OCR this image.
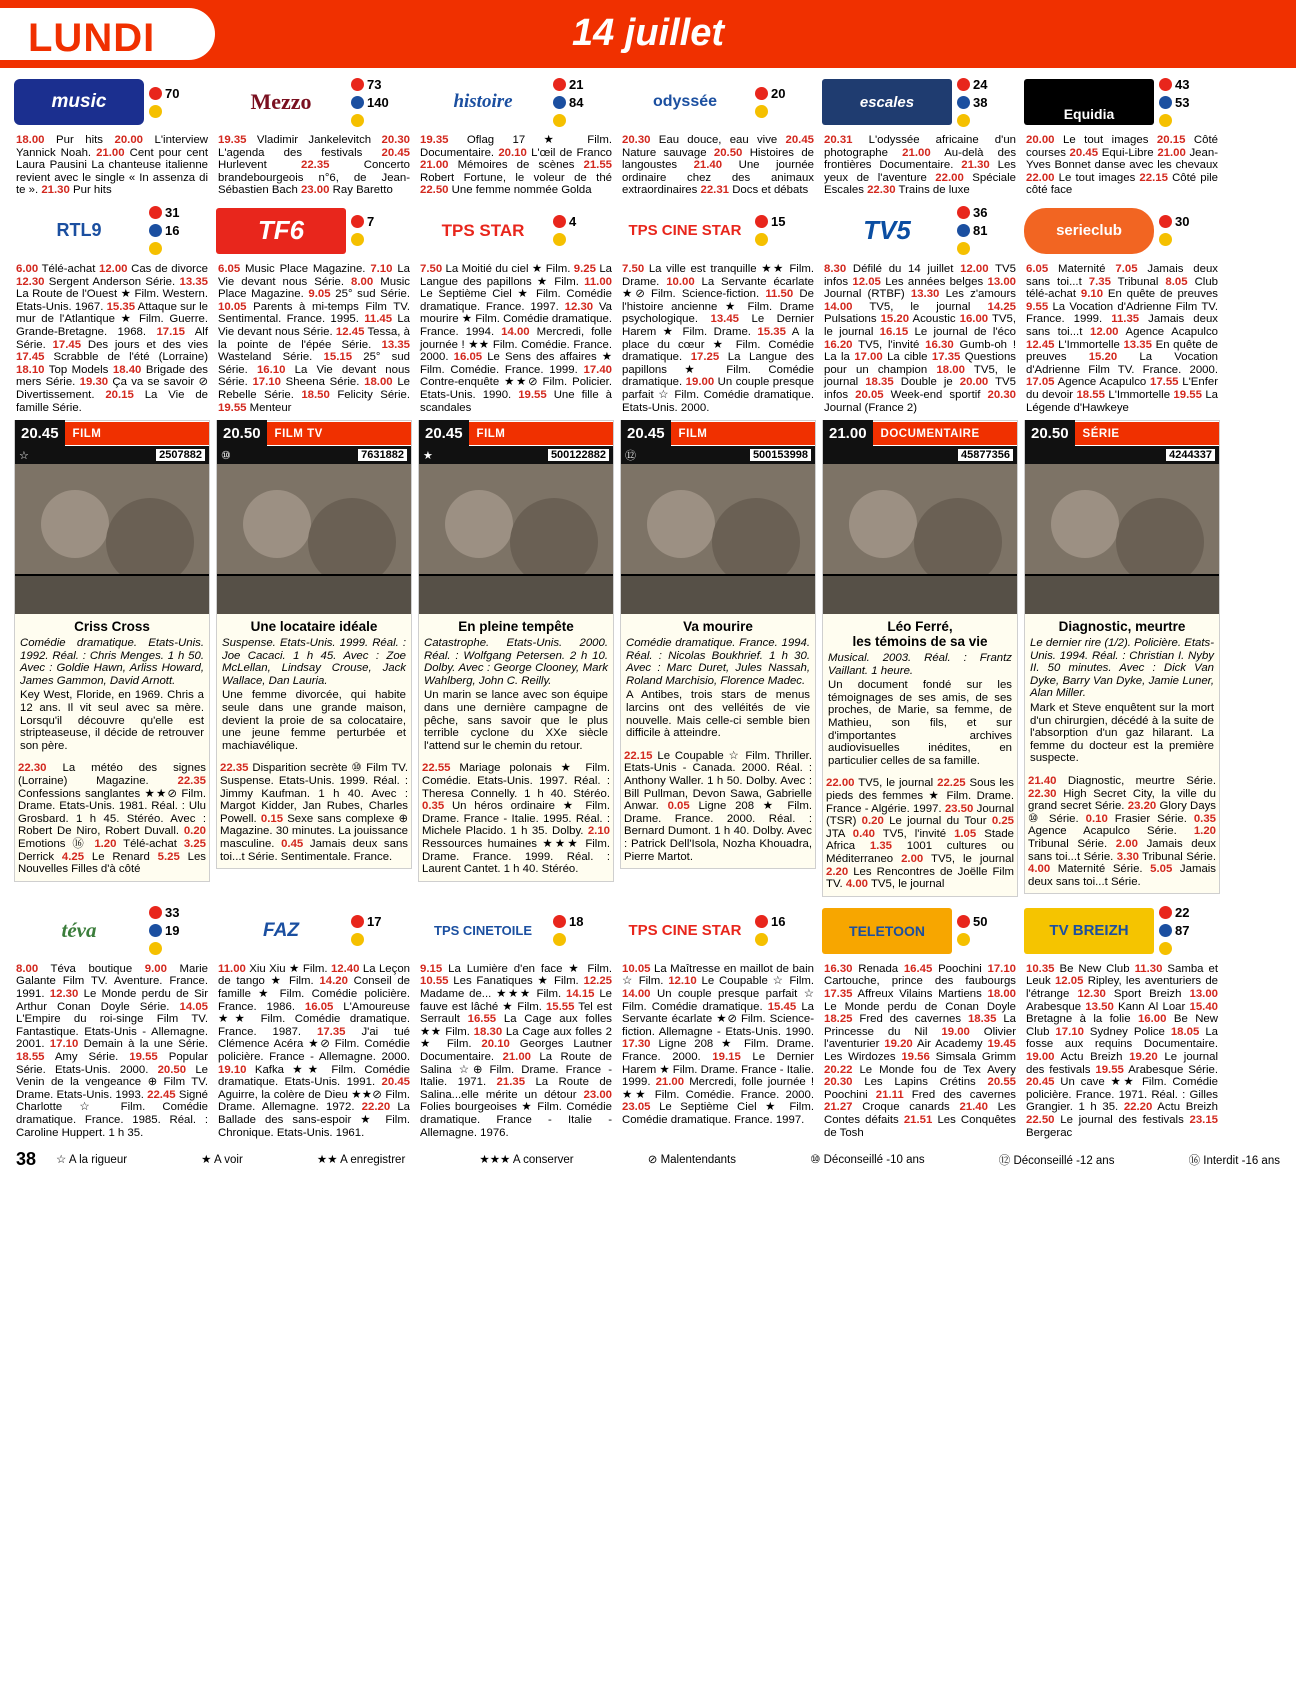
LUNDI	14 juillet
music	70
18.00 Pur hits 20.00 L'interview Yannick Noah. 21.00 Cent pour cent Laura Pausini La chanteuse italienne revient avec le single « In assenza di te ». 21.30 Pur hits
Mezzo
73
140
19.35 Vladimir Jankelevitch 20.30 L'agenda des festivals 20.45 Hurlevent 22.35 Concerto brandebourgeois n°6, de Jean-Sébastien Bach 23.00 Ray Baretto
histoire
21
84
19.35 Oflag 17 ★ Film. Documentaire. 20.10 L'œil de Franco 21.00 Mémoires de scènes 21.55 Robert Fortune, le voleur de thé 22.50 Une femme nommée Golda
odyssée	20
20.30 Eau douce, eau vive 20.45 Nature sauvage 20.50 Histoires de langoustes 21.40 Une journée ordinaire chez des animaux extraordinaires 22.31 Docs et débats
escales
24
38
20.31 L'odyssée africaine d'un photographe 21.00 Au-delà des frontières Documentaire. 21.30 Les yeux de l'aventure 22.00 Spéciale Escales 22.30 Trains de luxe
Equidia
43
53
20.00 Le tout images 20.15 Côté courses 20.45 Equi-Libre 21.00 Jean-Yves Bonnet danse avec les chevaux 22.00 Le tout images 22.15 Côté pile côté face
RTL9
31
16
6.00 Télé-achat 12.00 Cas de divorce 12.30 Sergent Anderson Série. 13.35 La Route de l'Ouest ★ Film. Western. Etats-Unis. 1967. 15.35 Attaque sur le mur de l'Atlantique ★ Film. Guerre. Grande-Bretagne. 1968. 17.15 Alf Série. 17.45 Des jours et des vies 17.45 Scrabble de l'été (Lorraine) 18.10 Top Models 18.40 Brigade des mers Série. 19.30 Ça va se savoir ⊘ Divertissement. 20.15 La Vie de famille Série.
20.45	FILM
☆	2507882
Criss Cross
Comédie dramatique. Etats-Unis. 1992. Réal. : Chris Menges. 1 h 50. Avec : Goldie Hawn, Arliss Howard, James Gammon, David Arnott.
Key West, Floride, en 1969. Chris a 12 ans. Il vit seul avec sa mère. Lorsqu'il découvre qu'elle est stripteaseuse, il décide de retrouver son père.
22.30 La météo des signes (Lorraine) Magazine. 22.35 Confessions sanglantes ★★⊘ Film. Drame. Etats-Unis. 1981. Réal. : Ulu Grosbard. 1 h 45. Stéréo. Avec : Robert De Niro, Robert Duvall. 0.20 Emotions ⑯ 1.20 Télé-achat 3.25 Derrick 4.25 Le Renard 5.25 Les Nouvelles Filles d'à côté
TF6	7
6.05 Music Place Magazine. 7.10 La Vie devant nous Série. 8.00 Music Place Magazine. 9.05 25° sud Série. 10.05 Parents à mi-temps Film TV. Sentimental. France. 1995. 11.45 La Vie devant nous Série. 12.45 Tessa, à la pointe de l'épée Série. 13.35 Wasteland Série. 15.15 25° sud Série. 16.10 La Vie devant nous Série. 17.10 Sheena Série. 18.00 Le Rebelle Série. 18.50 Felicity Série. 19.55 Menteur
20.50	FILM TV
⑩	7631882
Une locataire idéale
Suspense. Etats-Unis. 1999. Réal. : Joe Cacaci. 1 h 45. Avec : Zoe McLellan, Lindsay Crouse, Jack Wallace, Dan Lauria.
Une femme divorcée, qui habite seule dans une grande maison, devient la proie de sa colocataire, une jeune femme perturbée et machiavélique.
22.35 Disparition secrète ⑩ Film TV. Suspense. Etats-Unis. 1999. Réal. : Jimmy Kaufman. 1 h 40. Avec : Margot Kidder, Jan Rubes, Charles Powell. 0.15 Sexe sans complexe ⊕ Magazine. 30 minutes. La jouissance masculine. 0.45 Jamais deux sans toi...t Série. Sentimentale. France.
TPS STAR	4
7.50 La Moitié du ciel ★ Film. 9.25 La Langue des papillons ★ Film. 11.00 Le Septième Ciel ★ Film. Comédie dramatique. France. 1997. 12.30 Va mourire ★ Film. Comédie dramatique. France. 1994. 14.00 Mercredi, folle journée ! ★★ Film. Comédie. France. 2000. 16.05 Le Sens des affaires ★ Film. Comédie. France. 1999. 17.40 Contre-enquête ★★⊘ Film. Policier. Etats-Unis. 1990. 19.55 Une fille à scandales
20.45	FILM
★	500122882
En pleine tempête
Catastrophe. Etats-Unis. 2000. Réal. : Wolfgang Petersen. 2 h 10. Dolby. Avec : George Clooney, Mark Wahlberg, John C. Reilly.
Un marin se lance avec son équipe dans une dernière campagne de pêche, sans savoir que le plus terrible cyclone du XXe siècle l'attend sur le chemin du retour.
22.55 Mariage polonais ★ Film. Comédie. Etats-Unis. 1997. Réal. : Theresa Connelly. 1 h 40. Stéréo. 0.35 Un héros ordinaire ★ Film. Drame. France - Italie. 1995. Réal. : Michele Placido. 1 h 35. Dolby. 2.10 Ressources humaines ★★★ Film. Drame. France. 1999. Réal. : Laurent Cantet. 1 h 40. Stéréo.
TPS CINE STAR
15
7.50 La ville est tranquille ★★ Film. Drame. 10.00 La Servante écarlate ★⊘ Film. Science-fiction. 11.50 De l'histoire ancienne ★ Film. Drame psychologique. 13.45 Le Dernier Harem ★ Film. Drame. 15.35 A la place du cœur ★ Film. Comédie dramatique. 17.25 La Langue des papillons ★ Film. Comédie dramatique. 19.00 Un couple presque parfait ☆ Film. Comédie dramatique. Etats-Unis. 2000.
20.45	FILM
⑫	500153998
Va mourire
Comédie dramatique. France. 1994. Réal. : Nicolas Boukhrief. 1 h 30. Avec : Marc Duret, Jules Nassah, Roland Marchisio, Florence Madec.
A Antibes, trois stars de menus larcins ont des velléités de vie nouvelle. Mais celle-ci semble bien difficile à atteindre.
22.15 Le Coupable ☆ Film. Thriller. Etats-Unis - Canada. 2000. Réal. : Anthony Waller. 1 h 50. Dolby. Avec : Bill Pullman, Devon Sawa, Gabrielle Anwar. 0.05 Ligne 208 ★ Film. Drame. France. 2000. Réal. : Bernard Dumont. 1 h 40. Dolby. Avec : Patrick Dell'Isola, Nozha Khouadra, Pierre Martot.
TV5
36
81
8.30 Défilé du 14 juillet 12.00 TV5 infos 12.05 Les années belges 13.00 Journal (RTBF) 13.30 Les z'amours 14.00 TV5, le journal 14.25 Pulsations 15.20 Acoustic 16.00 TV5, le journal 16.15 Le journal de l'éco 16.20 TV5, l'invité 16.30 Gumb-oh ! La la 17.00 La cible 17.35 Questions pour un champion 18.00 TV5, le journal 18.35 Double je 20.00 TV5 infos 20.05 Week-end sportif 20.30 Journal (France 2)
21.00	DOCUMENTAIRE
45877356
Léo Ferré,
les témoins de sa vie
Musical. 2003. Réal. : Frantz Vaillant. 1 heure.
Un document fondé sur les témoignages de ses amis, de ses proches, de Marie, sa femme, de Mathieu, son fils, et sur d'importantes archives audiovisuelles inédites, en particulier celles de sa famille.
22.00 TV5, le journal 22.25 Sous les pieds des femmes ★ Film. Drame. France - Algérie. 1997. 23.50 Journal (TSR) 0.20 Le journal du Tour 0.25 JTA 0.40 TV5, l'invité 1.05 Stade Africa 1.35 1001 cultures ou Méditerraneo 2.00 TV5, le journal 2.20 Les Rencontres de Joëlle Film TV. 4.00 TV5, le journal
serieclub
30
6.05 Maternité 7.05 Jamais deux sans toi...t 7.35 Tribunal 8.05 Club télé-achat 9.10 En quête de preuves 9.55 La Vocation d'Adrienne Film TV. France. 1999. 11.35 Jamais deux sans toi...t 12.00 Agence Acapulco 12.45 L'Immortelle 13.35 En quête de preuves 15.20 La Vocation d'Adrienne Film TV. France. 2000. 17.05 Agence Acapulco 17.55 L'Enfer du devoir 18.55 L'Immortelle 19.55 La Légende d'Hawkeye
20.50	SÉRIE
4244337
Diagnostic, meurtre
Le dernier rire (1/2). Policière. Etats-Unis. 1994. Réal. : Christian I. Nyby II. 50 minutes. Avec : Dick Van Dyke, Barry Van Dyke, Jamie Luner, Alan Miller.
Mark et Steve enquêtent sur la mort d'un chirurgien, décédé à la suite de l'absorption d'un gaz hilarant. La femme du docteur est la première suspecte.
21.40 Diagnostic, meurtre Série. 22.30 High Secret City, la ville du grand secret Série. 23.20 Glory Days ⑩ Série. 0.10 Frasier Série. 0.35 Agence Acapulco Série. 1.20 Tribunal Série. 2.00 Jamais deux sans toi...t Série. 3.30 Tribunal Série. 4.00 Maternité Série. 5.05 Jamais deux sans toi...t Série.
téva
33
19
8.00 Téva boutique 9.00 Marie Galante Film TV. Aventure. France. 1991. 12.30 Le Monde perdu de Sir Arthur Conan Doyle Série. 14.05 L'Empire du roi-singe Film TV. Fantastique. Etats-Unis - Allemagne. 2001. 17.10 Demain à la une Série. 18.55 Amy Série. 19.55 Popular Série. Etats-Unis. 2000. 20.50 Le Venin de la vengeance ⊕ Film TV. Drame. Etats-Unis. 1993. 22.45 Signé Charlotte ☆ Film. Comédie dramatique. France. 1985. Réal. : Caroline Huppert. 1 h 35.
FAZ	17
11.00 Xiu Xiu ★ Film. 12.40 La Leçon de tango ★ Film. 14.20 Conseil de famille ★ Film. Comédie policière. France. 1986. 16.05 L'Amoureuse ★★ Film. Comédie dramatique. France. 1987. 17.35 J'ai tué Clémence Acéra ★⊘ Film. Comédie policière. France - Allemagne. 2000. 19.10 Kafka ★★ Film. Comédie dramatique. Etats-Unis. 1991. 20.45 Aguirre, la colère de Dieu ★★⊘ Film. Drame. Allemagne. 1972. 22.20 La Ballade des sans-espoir ★ Film. Chronique. Etats-Unis. 1961.
TPS CINETOILE
18
9.15 La Lumière d'en face ★ Film. 10.55 Les Fanatiques ★ Film. 12.25 Madame de... ★★★ Film. 14.15 Le fauve est lâché ★ Film. 15.55 Tel est Serrault 16.55 La Cage aux folles ★★ Film. 18.30 La Cage aux folles 2 ★ Film. 20.10 Georges Lautner Documentaire. 21.00 La Route de Salina ☆⊕ Film. Drame. France - Italie. 1971. 21.35 La Route de Salina...elle mérite un détour 23.00 Folies bourgeoises ★ Film. Comédie dramatique. France - Italie - Allemagne. 1976.
TPS CINE STAR
16
10.05 La Maîtresse en maillot de bain ☆ Film. 12.10 Le Coupable ☆ Film. 14.00 Un couple presque parfait ☆ Film. Comédie dramatique. 15.45 La Servante écarlate ★⊘ Film. Science-fiction. Allemagne - Etats-Unis. 1990. 17.30 Ligne 208 ★ Film. Drame. France. 2000. 19.15 Le Dernier Harem ★ Film. Drame. France - Italie. 1999. 21.00 Mercredi, folle journée ! ★★ Film. Comédie. France. 2000. 23.05 Le Septième Ciel ★ Film. Comédie dramatique. France. 1997.
TELETOON
50
16.30 Renada 16.45 Poochini 17.10 Cartouche, prince des faubourgs 17.35 Affreux Vilains Martiens 18.00 Le Monde perdu de Conan Doyle 18.25 Fred des cavernes 18.35 La Princesse du Nil 19.00 Olivier l'aventurier 19.20 Air Academy 19.45 Les Wirdozes 19.56 Simsala Grimm 20.22 Le Monde fou de Tex Avery 20.30 Les Lapins Crétins 20.55 Poochini 21.11 Fred des cavernes 21.27 Croque canards 21.40 Les Contes défaits 21.51 Les Conquêtes de Tosh
TV BREIZH
22
87
10.35 Be New Club 11.30 Samba et Leuk 12.05 Ripley, les aventuriers de l'étrange 12.30 Sport Breizh 13.00 Arabesque 13.50 Kann Al Loar 15.40 Bretagne à la folie 16.00 Be New Club 17.10 Sydney Police 18.05 La fosse aux requins Documentaire. 19.00 Actu Breizh 19.20 Le journal des festivals 19.55 Arabesque Série. 20.45 Un cave ★★ Film. Comédie policière. France. 1971. Réal. : Gilles Grangier. 1 h 35. 22.20 Actu Breizh 22.50 Le journal des festivals 23.15 Bergerac
38	☆ A la rigueur	★ A voir	★★ A enregistrer	★★★ A conserver	⊘ Malentendants	⑩ Déconseillé -10 ans	⑫ Déconseillé -12 ans	⑯ Interdit -16 ans
